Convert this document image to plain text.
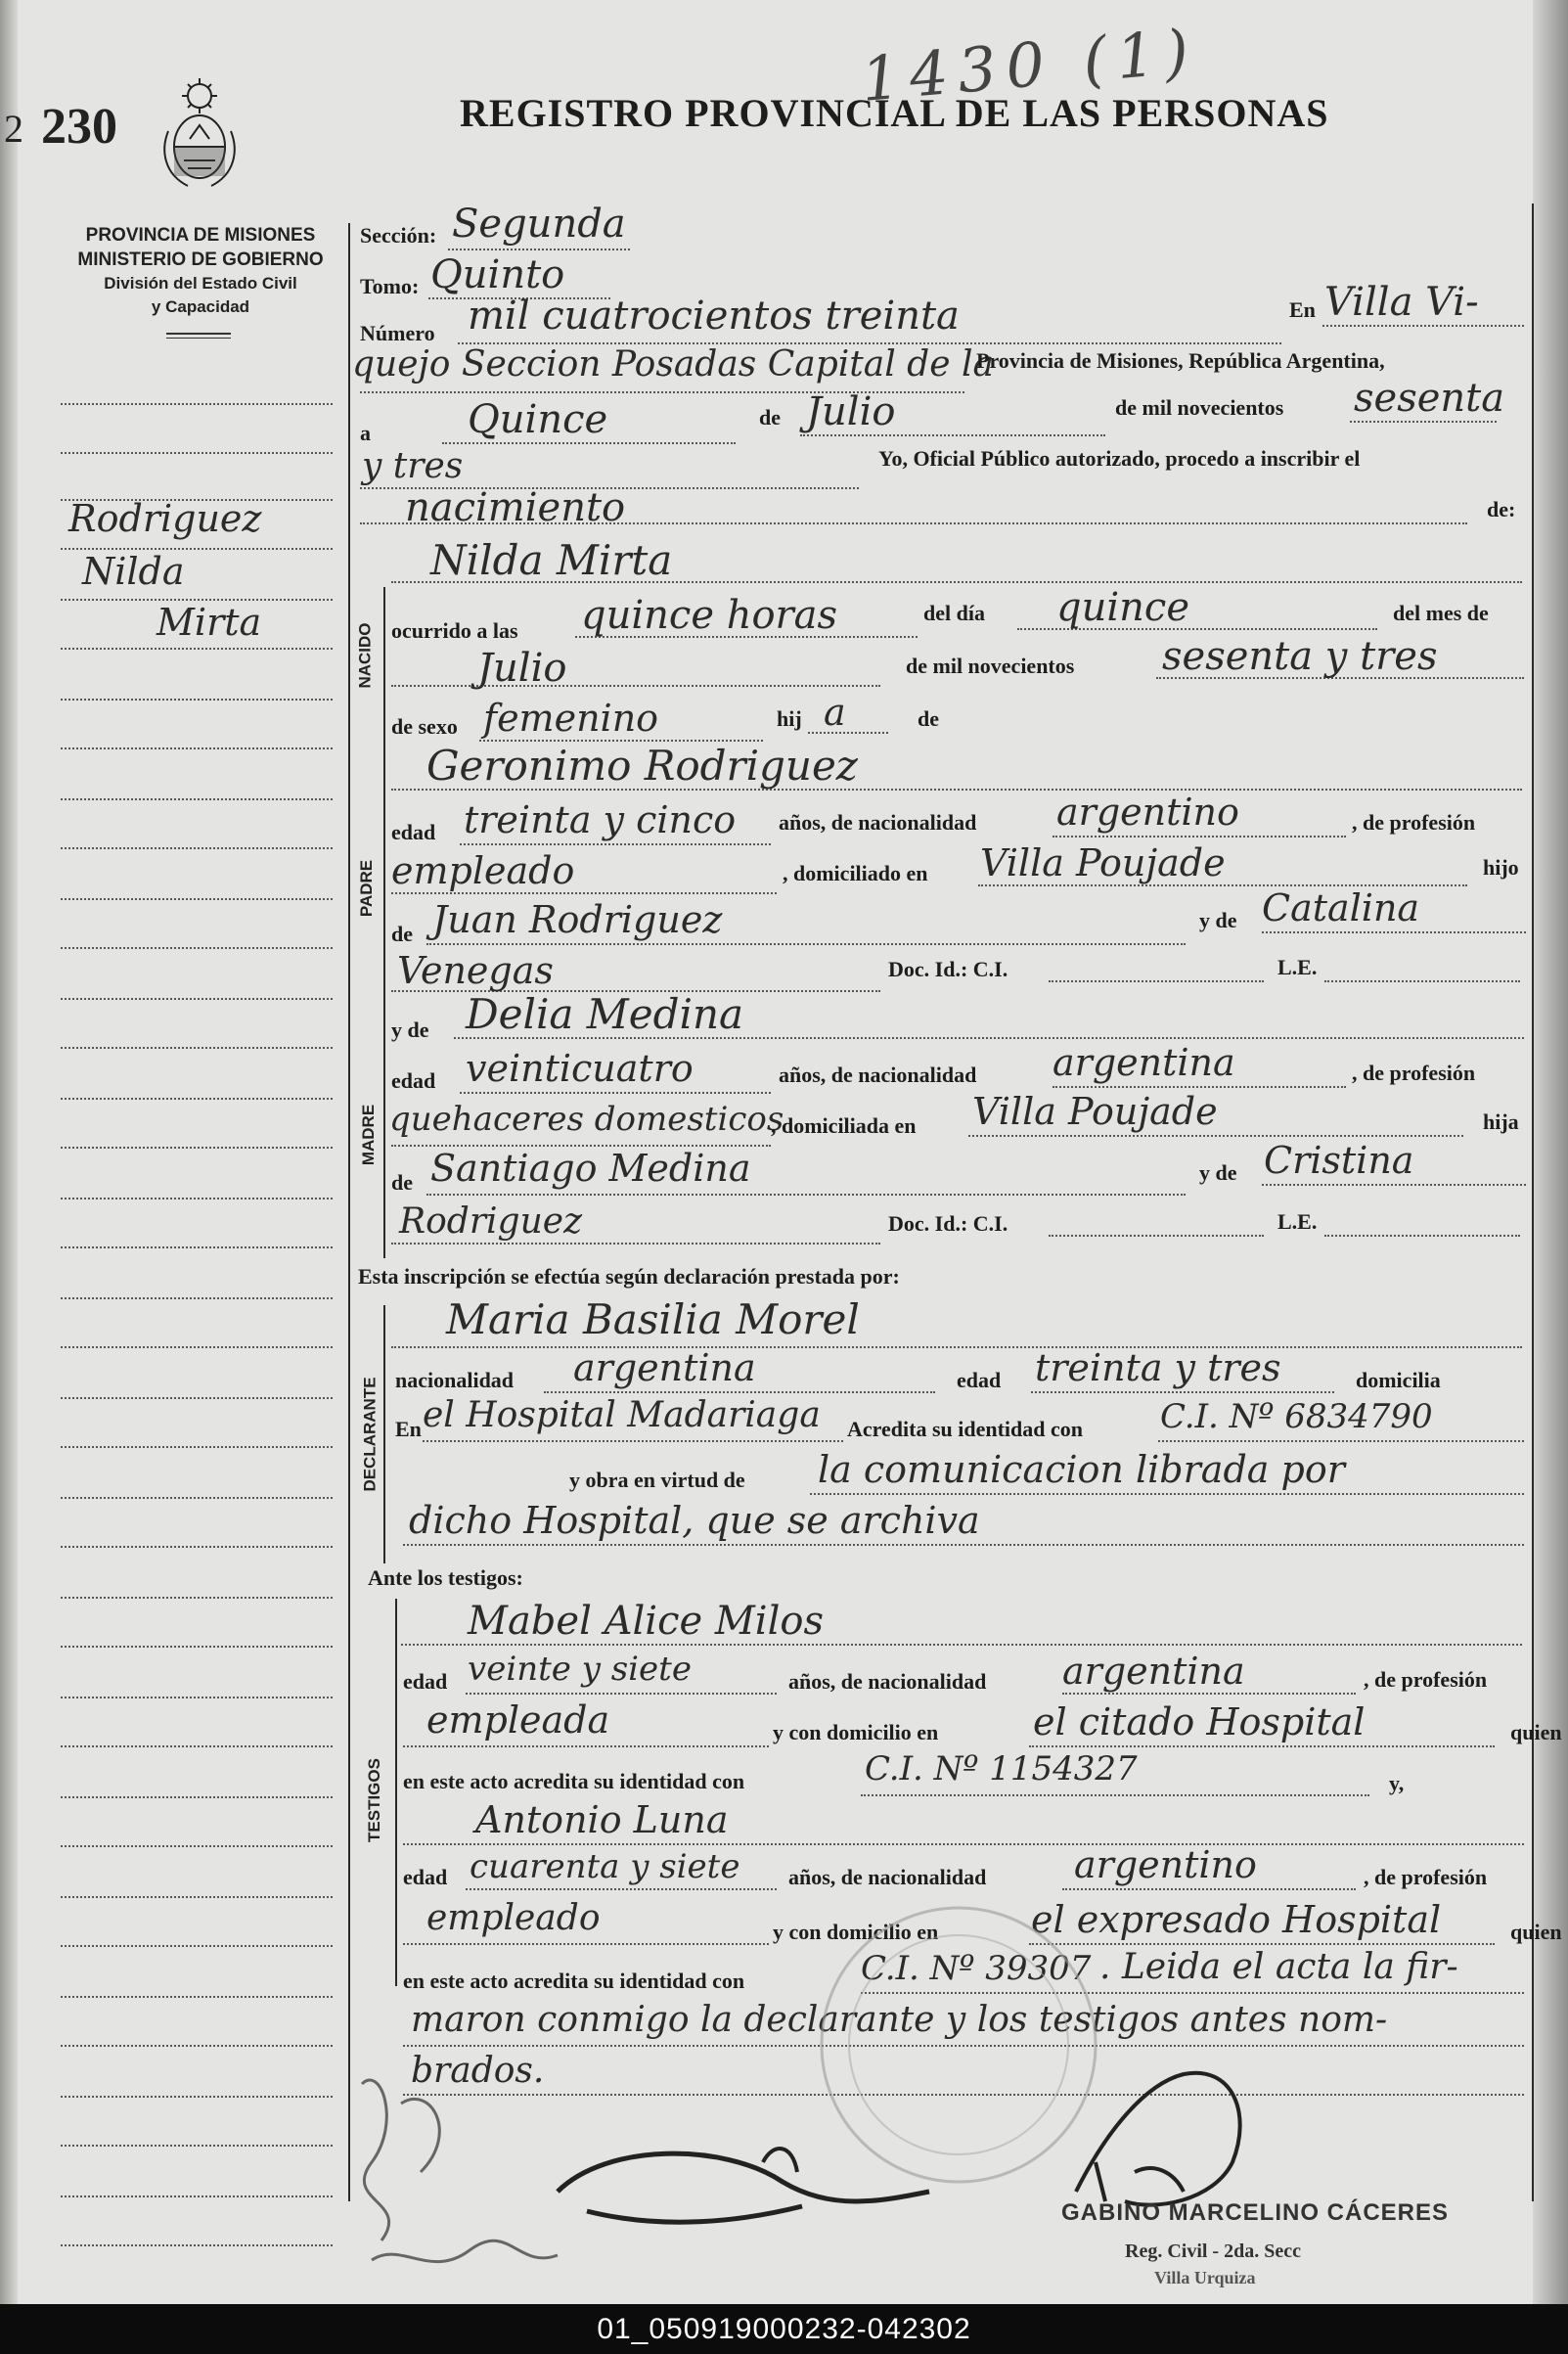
2 230	REGISTRO PROVINCIAL DE LAS PERSONAS
1430 (1)
PROVINCIA DE MISIONES
MINISTERIO DE GOBIERNO
División del Estado Civil
y Capacidad
Rodriguez
Nilda
Mirta
NACIDO
PADRE
MADRE
DECLARANTE
TESTIGOS
Sección: Segunda
Tomo: Quinto
Número mil cuatrocientos treinta	En Villa Vi-
quejo Seccion Posadas Capital de la
Provincia de Misiones, República Argentina,
a Quince	de Julio	de mil novecientos sesenta
y tres	Yo, Oficial Público autorizado, procedo a inscribir el
nacimiento	de:
Nilda Mirta
ocurrido a las quince horas	del día quince	del mes de
Julio	de mil novecientos sesenta y tres
de sexo femenino	hij a	de
Geronimo Rodriguez
edad treinta y cinco años, de nacionalidad argentino	, de profesión
empleado	, domiciliado en Villa Poujade	hijo
de Juan Rodriguez	y de Catalina
Venegas	Doc. Id.: C.I.	L.E.
y de Delia Medina
edad veinticuatro	años, de nacionalidad argentina	, de profesión
quehaceres domesticos
, domiciliada en Villa Poujade	hija
de Santiago Medina	y de Cristina
Rodriguez	Doc. Id.: C.I.	L.E.
Esta inscripción se efectúa según declaración prestada por:
Maria Basilia Morel
nacionalidad argentina	edad treinta y tres	domicilia
En el Hospital Madariaga Acredita su identidad con C.I. Nº 6834790
y obra en virtud de la comunicacion librada por
dicho Hospital, que se archiva
Ante los testigos:
Mabel Alice Milos
edad veinte y siete	años, de nacionalidad argentina	, de profesión
empleada	y con domicilio en	el citado Hospital	quien
en este acto acredita su identidad con	C.I. Nº 1154327	y,
Antonio Luna
edad cuarenta y siete años, de nacionalidad argentino	, de profesión
empleado	y con domicilio en el expresado Hospital	quien
en este acto acredita su identidad con	C.I. Nº 39307 . Leida el acta la fir-
maron conmigo la declarante y los testigos antes nom-
brados.
GABINO MARCELINO CÁCERES
Reg. Civil - 2da. Secc
Villa Urquiza
01_050919000232-042302
